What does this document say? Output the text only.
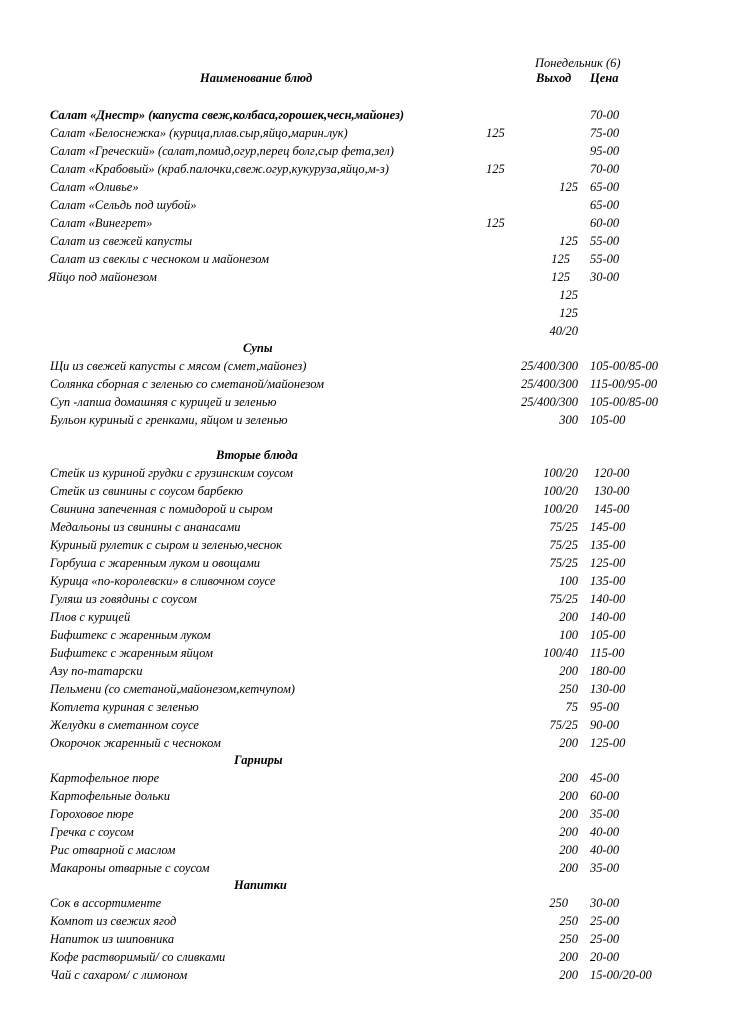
Понедельник (6)
Наименование блюд	Выход Цена
Салат «Днестр» (капуста свеж,колбаса,горошек,чесн,майонез)	70-00
Салат «Белоснежка» (курица,плав.сыр,яйцо,марин.лук)	125	75-00
Салат «Греческий» (салат,помид,огур,перец болг,сыр фета,зел)	95-00
Салат «Крабовый» (краб.палочки,свеж.огур,кукуруза,яйцо,м-з)	125	70-00
Салат «Оливье»	125 65-00
Салат «Сельдь под шубой»	65-00
Салат «Винегрет»	125	60-00
Салат из свежей капусты	125 55-00
Салат из свеклы с чесноком и майонезом	125 55-00
Яйцо под майонезом	125 30-00
125
125
40/20
Супы
Щи из свежей капусты с мясом (смет,майонез)	25/400/300 105-00/85-00
Солянка сборная с зеленью со сметаной/майонезом	25/400/300 115-00/95-00
Суп -лапша домашняя с курицей и зеленью	25/400/300 105-00/85-00
Бульон куриный с гренками, яйцом и зеленью	300 105-00
Вторые блюда
Стейк из куриной грудки с грузинским соусом	100/20 120-00
Стейк из свинины с соусом барбекю	100/20 130-00
Свинина запеченная с помидорой и сыром	100/20 145-00
Медальоны из свинины с ананасами	75/25 145-00
Куриный рулетик с сыром и зеленью,чеснок	75/25 135-00
Горбуша с жаренным луком и овощами	75/25 125-00
Курица «по-королевски» в сливочном соусе	100 135-00
Гуляш из говядины с соусом	75/25 140-00
Плов с курицей	200 140-00
Бифштекс с жаренным луком	100 105-00
Бифштекс с жаренным яйцом	100/40 115-00
Азу по-татарски	200 180-00
Пельмени (со сметаной,майонезом,кетчупом)	250 130-00
Котлета куриная с зеленью	75 95-00
Желудки в сметанном соусе	75/25 90-00
Окорочок жаренный с чесноком	200 125-00
Гарниры
Картофельное пюре	200 45-00
Картофельные дольки	200 60-00
Гороховое пюре	200 35-00
Гречка с соусом	200 40-00
Рис отварной с маслом	200 40-00
Макароны отварные с соусом	200 35-00
Напитки
Сок в ассортименте	250 30-00
Компот из свежих ягод	250 25-00
Напиток из шиповника	250 25-00
Кофе растворимый/ со сливками	200 20-00
Чай с сахаром/ с лимоном	200 15-00/20-00
